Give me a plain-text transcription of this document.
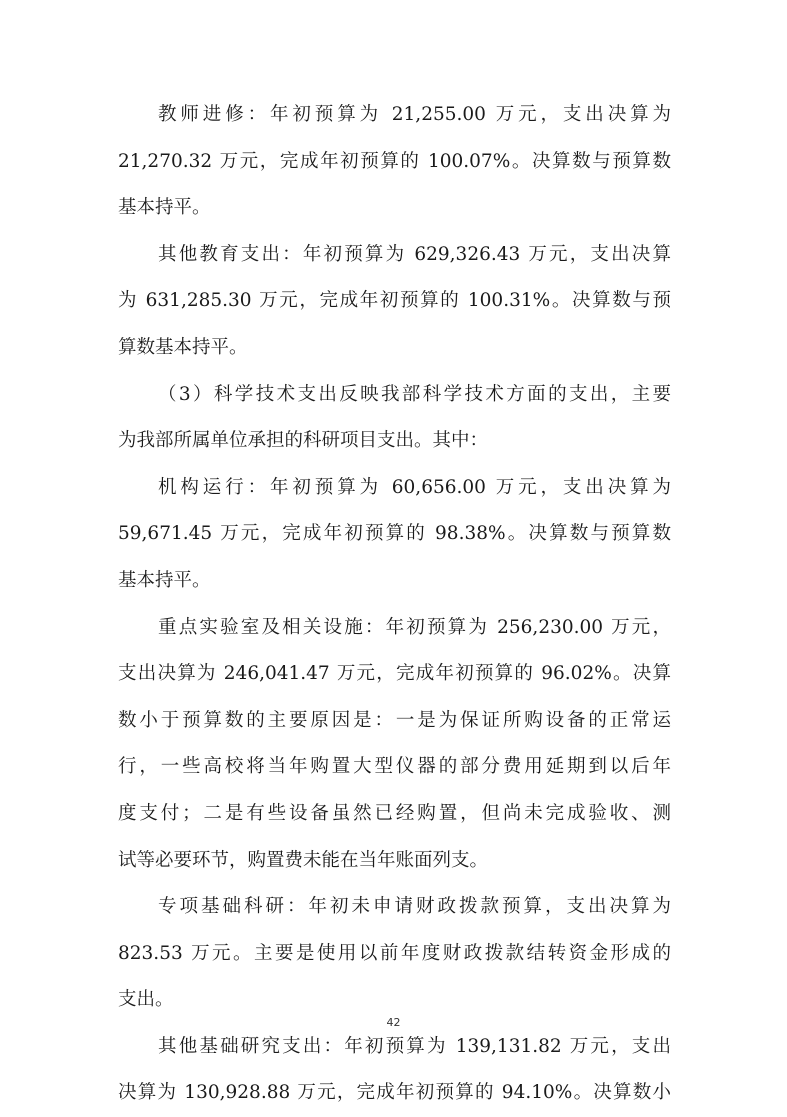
教师进修：年初预算为 21,255.00 万元，支出决算为
21,270.32 万元，完成年初预算的 100.07%。决算数与预算数
基本持平。
其他教育支出：年初预算为 629,326.43 万元，支出决算
为 631,285.30 万元，完成年初预算的 100.31%。决算数与预
算数基本持平。
（3）科学技术支出反映我部科学技术方面的支出，主要
为我部所属单位承担的科研项目支出。其中：
机构运行：年初预算为 60,656.00 万元，支出决算为
59,671.45 万元，完成年初预算的 98.38%。决算数与预算数
基本持平。
重点实验室及相关设施：年初预算为 256,230.00 万元，
支出决算为 246,041.47 万元，完成年初预算的 96.02%。决算
数小于预算数的主要原因是：一是为保证所购设备的正常运
行，一些高校将当年购置大型仪器的部分费用延期到以后年
度支付；二是有些设备虽然已经购置，但尚未完成验收、测
试等必要环节，购置费未能在当年账面列支。
专项基础科研：年初未申请财政拨款预算，支出决算为
823.53 万元。主要是使用以前年度财政拨款结转资金形成的
支出。
其他基础研究支出：年初预算为 139,131.82 万元，支出
决算为 130,928.88 万元，完成年初预算的 94.10%。决算数小
42
